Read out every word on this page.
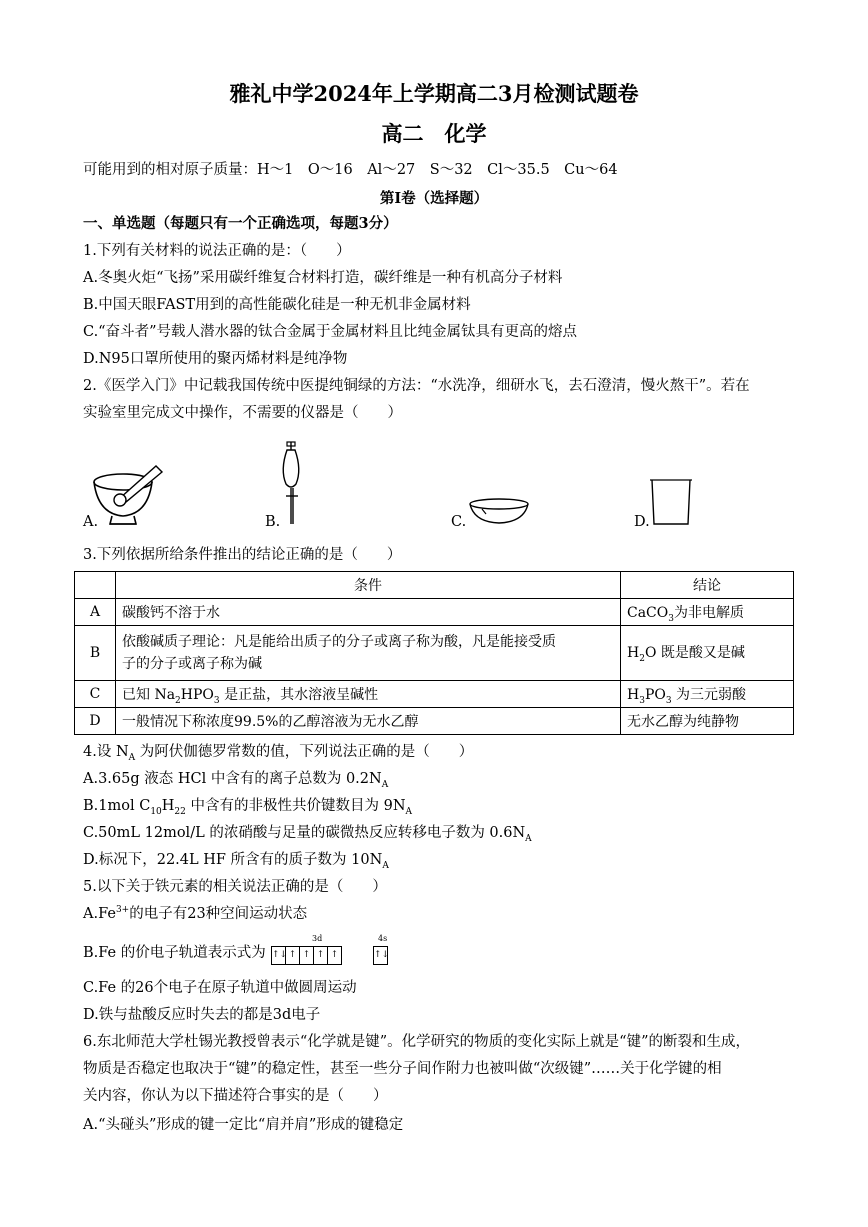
雅礼中学2024年上学期高二3月检测试题卷
高二　化学
可能用到的相对原子质量：H～1　O～16　Al～27　S～32　Cl～35.5　Cu～64
第Ⅰ卷（选择题）
一、单选题（每题只有一个正确选项，每题3分）
1.下列有关材料的说法正确的是：（　　）
A.冬奥火炬“飞扬”采用碳纤维复合材料打造，碳纤维是一种有机高分子材料
B.中国天眼FAST用到的高性能碳化硅是一种无机非金属材料
C.“奋斗者”号载人潜水器的钛合金属于金属材料且比纯金属钛具有更高的熔点
D.N95口罩所使用的聚丙烯材料是纯净物
2.《医学入门》中记载我国传统中医提纯铜绿的方法：“水洗净，细研水飞，去石澄清，慢火熬干”。若在
实验室里完成文中操作，不需要的仪器是（　　）
A.	B.	C.	D.
3.下列依据所给条件推出的结论正确的是（　　）
	条件	结论
A	碳酸钙不溶于水	CaCO$_3$为非电解质
B	依酸碱质子理论：凡是能给出质子的分子或离子称为酸，凡是能接受质
子的分子或离子称为碱	$H_2O$ 既是酸又是碱
C	已知 $Na_2HPO_3$ 是正盐，其水溶液呈碱性	$H_3PO_3$ 为三元弱酸
D	一般情况下称浓度99.5%的乙醇溶液为无水乙醇	无水乙醇为纯静物
4.设 $N_A$ 为阿伏伽德罗常数的值，下列说法正确的是（　　）
A.3.65g 液态 HCl 中含有的离子总数为 $0.2N_A$
B.1mol $C_{10}H_{22}$ 中含有的非极性共价键数目为 $9N_A$
C.50mL 12mol/L 的浓硝酸与足量的碳微热反应转移电子数为 $0.6N_A$
D.标况下，22.4L HF 所含有的质子数为 $10N_A$
5.以下关于铁元素的相关说法正确的是（　　）
$A.Fe^{3+}$的电子有23种空间运动状态
B.Fe 的价电子轨道表示式为
3d	4s
↑↓ ↑ ↑ ↑ ↑	↑↓
C.Fe 的26个电子在原子轨道中做圆周运动
D.铁与盐酸反应时失去的都是3d电子
6.东北师范大学杜锡光教授曾表示“化学就是键”。化学研究的物质的变化实际上就是“键”的断裂和生成，
物质是否稳定也取决于“键”的稳定性，甚至一些分子间作附力也被叫做“次级键”……关于化学键的相
关内容，你认为以下描述符合事实的是（　　）
A.“头碰头”形成的键一定比“肩并肩”形成的键稳定
